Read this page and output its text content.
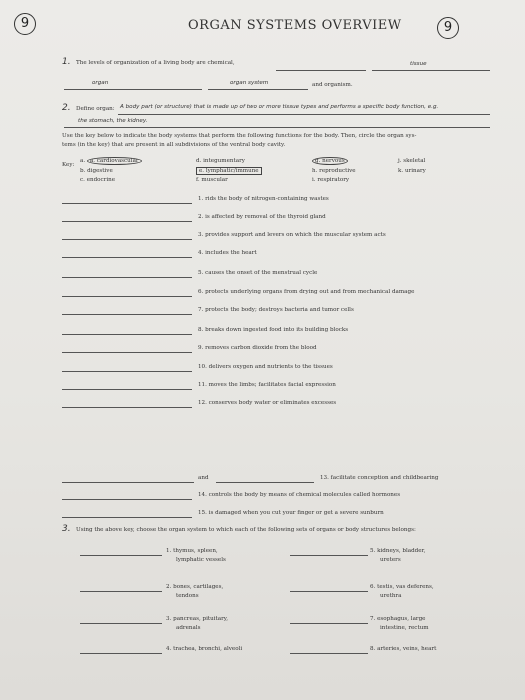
9	ORGAN SYSTEMS OVERVIEW	9
1. The levels of organization of a living body are chemical,	tissue
organ	organ system	and organism.
2. Define organ: A body part (or structure) that is made up of two or more tissue types and performs a specific body function, e.g.
the stomach, the kidney.
Use the key below to indicate the body systems that perform the following functions for the body. Then, circle the organ sys-
tems (in the key) that are present in all subdivisions of the ventral body cavity.
Key:
a. a. cardiovascular
b. digestive
c. endocrine
d. integumentary
e. lymphatic/immune
f. muscular
g. nervous
h. reproductive
i. respiratory
j. skeletal
k. urinary
1. rids the body of nitrogen-containing wastes
2. is affected by removal of the thyroid gland
3. provides support and levers on which the muscular system acts
4. includes the heart
5. causes the onset of the menstrual cycle
6. protects underlying organs from drying out and from mechanical damage
7. protects the body; destroys bacteria and tumor cells
8. breaks down ingested food into its building blocks
9. removes carbon dioxide from the blood
10. delivers oxygen and nutrients to the tissues
11. moves the limbs; facilitates facial expression
12. conserves body water or eliminates excesses
13. facilitate conception and childbearing
14. controls the body by means of chemical molecules called hormones
15. is damaged when you cut your finger or get a severe sunburn
and
3. Using the above key, choose the organ system to which each of the following sets of organs or body structures belongs:
1. thymus, spleen,
lymphatic vessels
2. bones, cartilages,
tendons
3. pancreas, pituitary,
adrenals
4. trachea, bronchi, alveoli
5. kidneys, bladder,
ureters
6. testis, vas deferens,
urethra
7. esophagus, large
intestine, rectum
8. arteries, veins, heart
